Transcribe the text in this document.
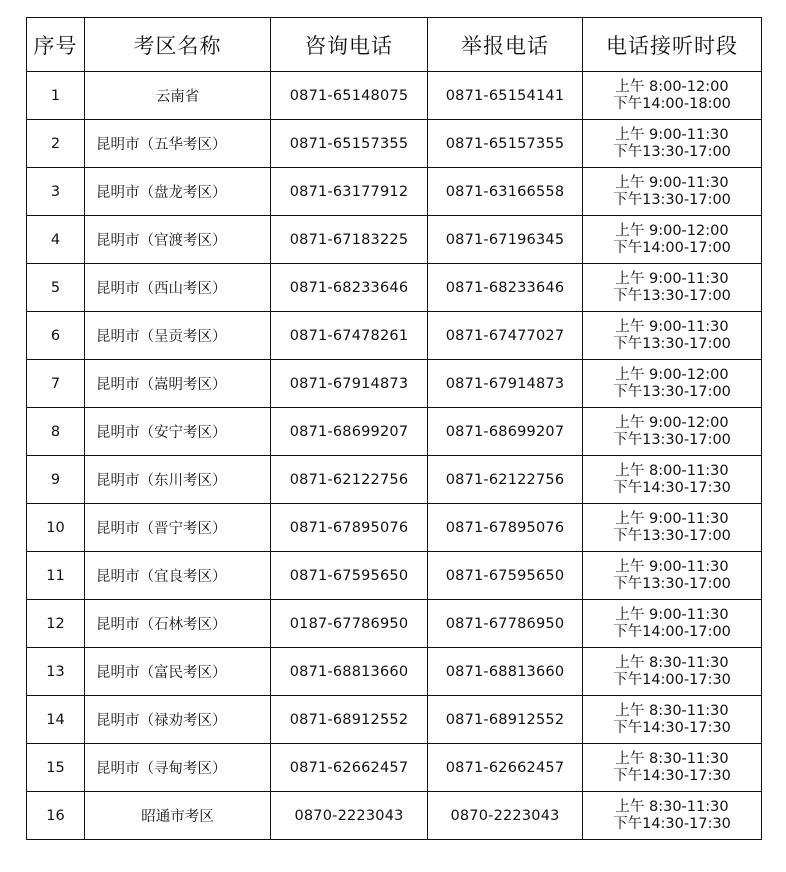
序号	考区名称	咨询电话	举报电话	电话接听时段
1	云南省	0871-65148075	0871-65154141	上午 8:00-12:00
下午14:00-18:00

2	昆明市（五华考区）	0871-65157355	0871-65157355	上午 9:00-11:30
下午13:30-17:00

3	昆明市（盘龙考区）	0871-63177912	0871-63166558	上午 9:00-11:30
下午13:30-17:00

4	昆明市（官渡考区）	0871-67183225	0871-67196345	上午 9:00-12:00
下午14:00-17:00

5	昆明市（西山考区）	0871-68233646	0871-68233646	上午 9:00-11:30
下午13:30-17:00

6	昆明市（呈贡考区）	0871-67478261	0871-67477027	上午 9:00-11:30
下午13:30-17:00

7	昆明市（嵩明考区）	0871-67914873	0871-67914873	上午 9:00-12:00
下午13:30-17:00

8	昆明市（安宁考区）	0871-68699207	0871-68699207	上午 9:00-12:00
下午13:30-17:00

9	昆明市（东川考区）	0871-62122756	0871-62122756	上午 8:00-11:30
下午14:30-17:30

10	昆明市（晋宁考区）	0871-67895076	0871-67895076	上午 9:00-11:30
下午13:30-17:00

11	昆明市（宜良考区）	0871-67595650	0871-67595650	上午 9:00-11:30
下午13:30-17:00

12	昆明市（石林考区）	0187-67786950	0871-67786950	上午 9:00-11:30
下午14:00-17:00

13	昆明市（富民考区）	0871-68813660	0871-68813660	上午 8:30-11:30
下午14:00-17:30

14	昆明市（禄劝考区）	0871-68912552	0871-68912552	上午 8:30-11:30
下午14:30-17:30

15	昆明市（寻甸考区）	0871-62662457	0871-62662457	上午 8:30-11:30
下午14:30-17:30

16	昭通市考区	0870-2223043	0870-2223043	上午 8:30-11:30
下午14:30-17:30
